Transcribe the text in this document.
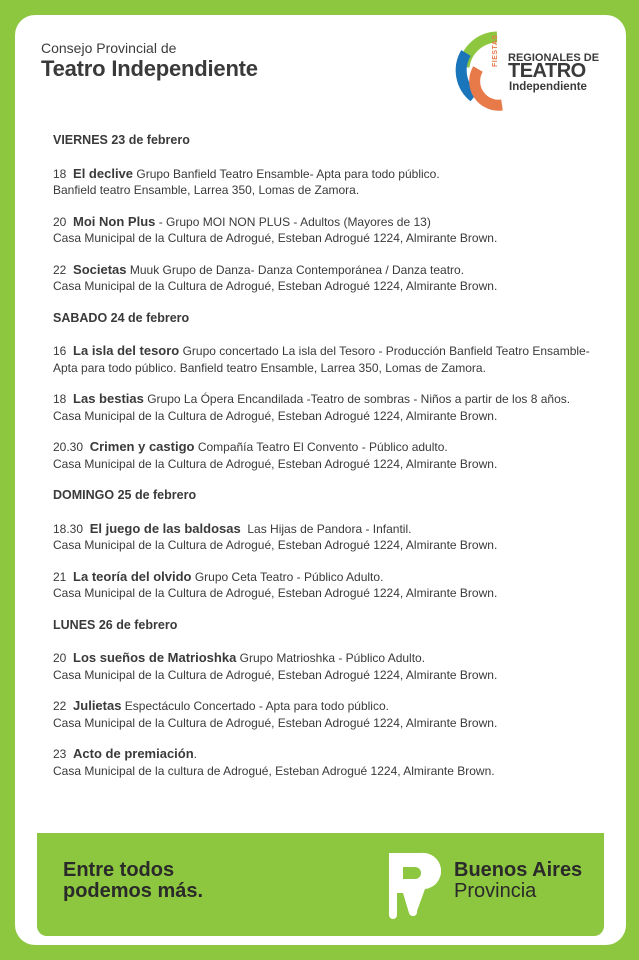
Consejo Provincial de
Teatro Independiente
FIESTAS REGIONALES DE
TEATRO
Independiente

VIERNES 23 de febrero

18 El declive Grupo Banfield Teatro Ensamble- Apta para todo público.
Banfield teatro Ensamble, Larrea 350, Lomas de Zamora.

20 Moi Non Plus - Grupo MOI NON PLUS - Adultos (Mayores de 13)
Casa Municipal de la Cultura de Adrogué, Esteban Adrogué 1224, Almirante Brown.

22 Societas Muuk Grupo de Danza- Danza Contemporánea / Danza teatro.
Casa Municipal de la Cultura de Adrogué, Esteban Adrogué 1224, Almirante Brown.

SABADO 24 de febrero

16 La isla del tesoro Grupo concertado La isla del Tesoro - Producción Banfield Teatro Ensamble- Apta para todo público. Banfield teatro Ensamble, Larrea 350, Lomas de Zamora.

18 Las bestias Grupo La Ópera Encandilada -Teatro de sombras - Niños a partir de los 8 años.
Casa Municipal de la Cultura de Adrogué, Esteban Adrogué 1224, Almirante Brown.

20.30 Crimen y castigo Compañía Teatro El Convento - Público adulto.
Casa Municipal de la Cultura de Adrogué, Esteban Adrogué 1224, Almirante Brown.

DOMINGO 25 de febrero

18.30 El juego de las baldosas Las Hijas de Pandora - Infantil.
Casa Municipal de la Cultura de Adrogué, Esteban Adrogué 1224, Almirante Brown.

21 La teoría del olvido Grupo Ceta Teatro - Público Adulto.
Casa Municipal de la Cultura de Adrogué, Esteban Adrogué 1224, Almirante Brown.

LUNES 26 de febrero

20 Los sueños de Matrioshka Grupo Matrioshka - Público Adulto.
Casa Municipal de la Cultura de Adrogué, Esteban Adrogué 1224, Almirante Brown.

22 Julietas Espectáculo Concertado - Apta para todo público.
Casa Municipal de la Cultura de Adrogué, Esteban Adrogué 1224, Almirante Brown.

23 Acto de premiación.
Casa Municipal de la cultura de Adrogué, Esteban Adrogué 1224, Almirante Brown.

Entre todos
podemos más.
Buenos Aires
Provincia
